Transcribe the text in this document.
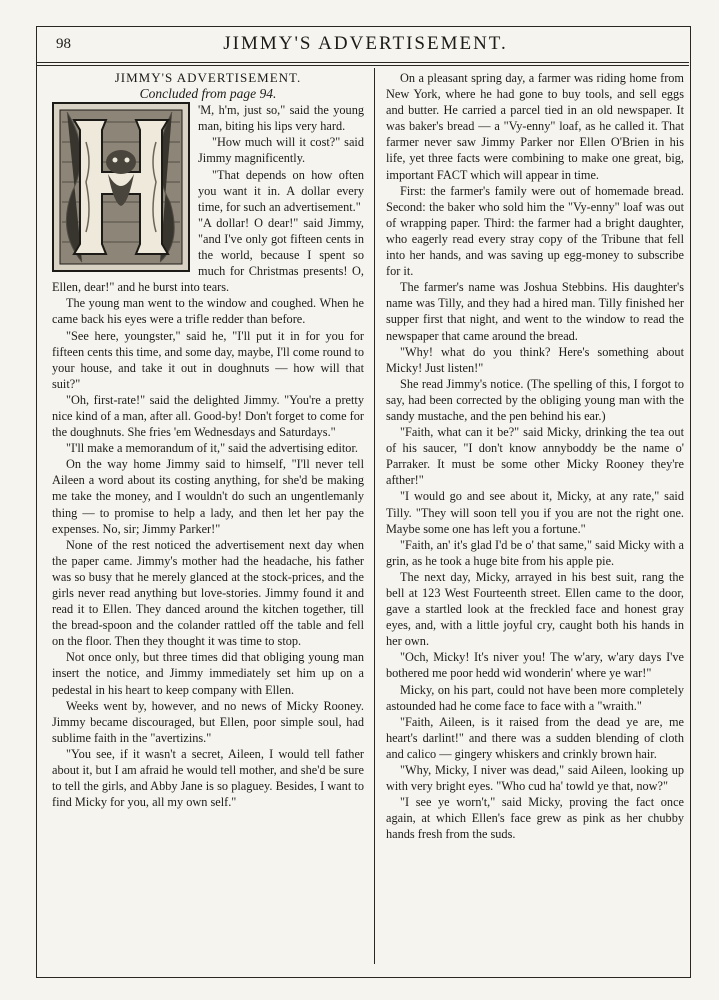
98	JIMMY'S ADVERTISEMENT.

JIMMY'S ADVERTISEMENT.

Concluded from page 94.

'M, h'm, just so," said the young man, biting his lips very hard.

"How much will it cost?" said Jimmy magnificently.

"That depends on how often you want it in. A dollar every time, for such an advertisement."

"A dollar! O dear!" said Jimmy, "and I've only got fifteen cents in the world, because I spent so much for Christmas presents! O, Ellen, dear!" and he burst into tears.

The young man went to the window and coughed. When he came back his eyes were a trifle redder than before.

"See here, youngster," said he, "I'll put it in for you for fifteen cents this time, and some day, maybe, I'll come round to your house, and take it out in doughnuts — how will that suit?"

"Oh, first-rate!" said the delighted Jimmy. "You're a pretty nice kind of a man, after all. Good-by! Don't forget to come for the doughnuts. She fries 'em Wednesdays and Saturdays."

"I'll make a memorandum of it," said the advertising editor.

On the way home Jimmy said to himself, "I'll never tell Aileen a word about its costing anything, for she'd be making me take the money, and I wouldn't do such an ungentlemanly thing — to promise to help a lady, and then let her pay the expenses. No, sir; Jimmy Parker!"

None of the rest noticed the advertisement next day when the paper came. Jimmy's mother had the headache, his father was so busy that he merely glanced at the stock-prices, and the girls never read anything but love-stories. Jimmy found it and read it to Ellen. They danced around the kitchen together, till the bread-spoon and the colander rattled off the table and fell on the floor. Then they thought it was time to stop.

Not once only, but three times did that obliging young man insert the notice, and Jimmy immediately set him up on a pedestal in his heart to keep company with Ellen.

Weeks went by, however, and no news of Micky Rooney. Jimmy became discouraged, but Ellen, poor simple soul, had sublime faith in the "avertizins."

"You see, if it wasn't a secret, Aileen, I would tell father about it, but I am afraid he would tell mother, and she'd be sure to tell the girls, and Abby Jane is so plaguey. Besides, I want to find Micky for you, all my own self."

On a pleasant spring day, a farmer was riding home from New York, where he had gone to buy tools, and sell eggs and butter. He carried a parcel tied in an old newspaper. It was baker's bread — a "Vy-enny" loaf, as he called it. That farmer never saw Jimmy Parker nor Ellen O'Brien in his life, yet three facts were combining to make one great, big, important FACT which will appear in time.

First: the farmer's family were out of homemade bread. Second: the baker who sold him the "Vy-enny" loaf was out of wrapping paper. Third: the farmer had a bright daughter, who eagerly read every stray copy of the Tribune that fell into her hands, and was saving up egg-money to subscribe for it.

The farmer's name was Joshua Stebbins. His daughter's name was Tilly, and they had a hired man. Tilly finished her supper first that night, and went to the window to read the newspaper that came around the bread.

"Why! what do you think? Here's something about Micky! Just listen!"

She read Jimmy's notice. (The spelling of this, I forgot to say, had been corrected by the obliging young man with the sandy mustache, and the pen behind his ear.)

"Faith, what can it be?" said Micky, drinking the tea out of his saucer, "I don't know annyboddy be the name o' Parraker. It must be some other Micky Rooney they're afther!"

"I would go and see about it, Micky, at any rate," said Tilly. "They will soon tell you if you are not the right one. Maybe some one has left you a fortune."

"Faith, an' it's glad I'd be o' that same," said Micky with a grin, as he took a huge bite from his apple pie.

The next day, Micky, arrayed in his best suit, rang the bell at 123 West Fourteenth street. Ellen came to the door, gave a startled look at the freckled face and honest gray eyes, and, with a little joyful cry, caught both his hands in her own.

"Och, Micky! It's niver you! The w'ary, w'ary days I've bothered me poor hedd wid wonderin' where ye war!"

Micky, on his part, could not have been more completely astounded had he come face to face with a "wraith."

"Faith, Aileen, is it raised from the dead ye are, me heart's darlint!" and there was a sudden blending of cloth and calico — gingery whiskers and crinkly brown hair.

"Why, Micky, I niver was dead," said Aileen, looking up with very bright eyes. "Who cud ha' towld ye that, now?"

"I see ye worn't," said Micky, proving the fact once again, at which Ellen's face grew as pink as her chubby hands fresh from the suds.
